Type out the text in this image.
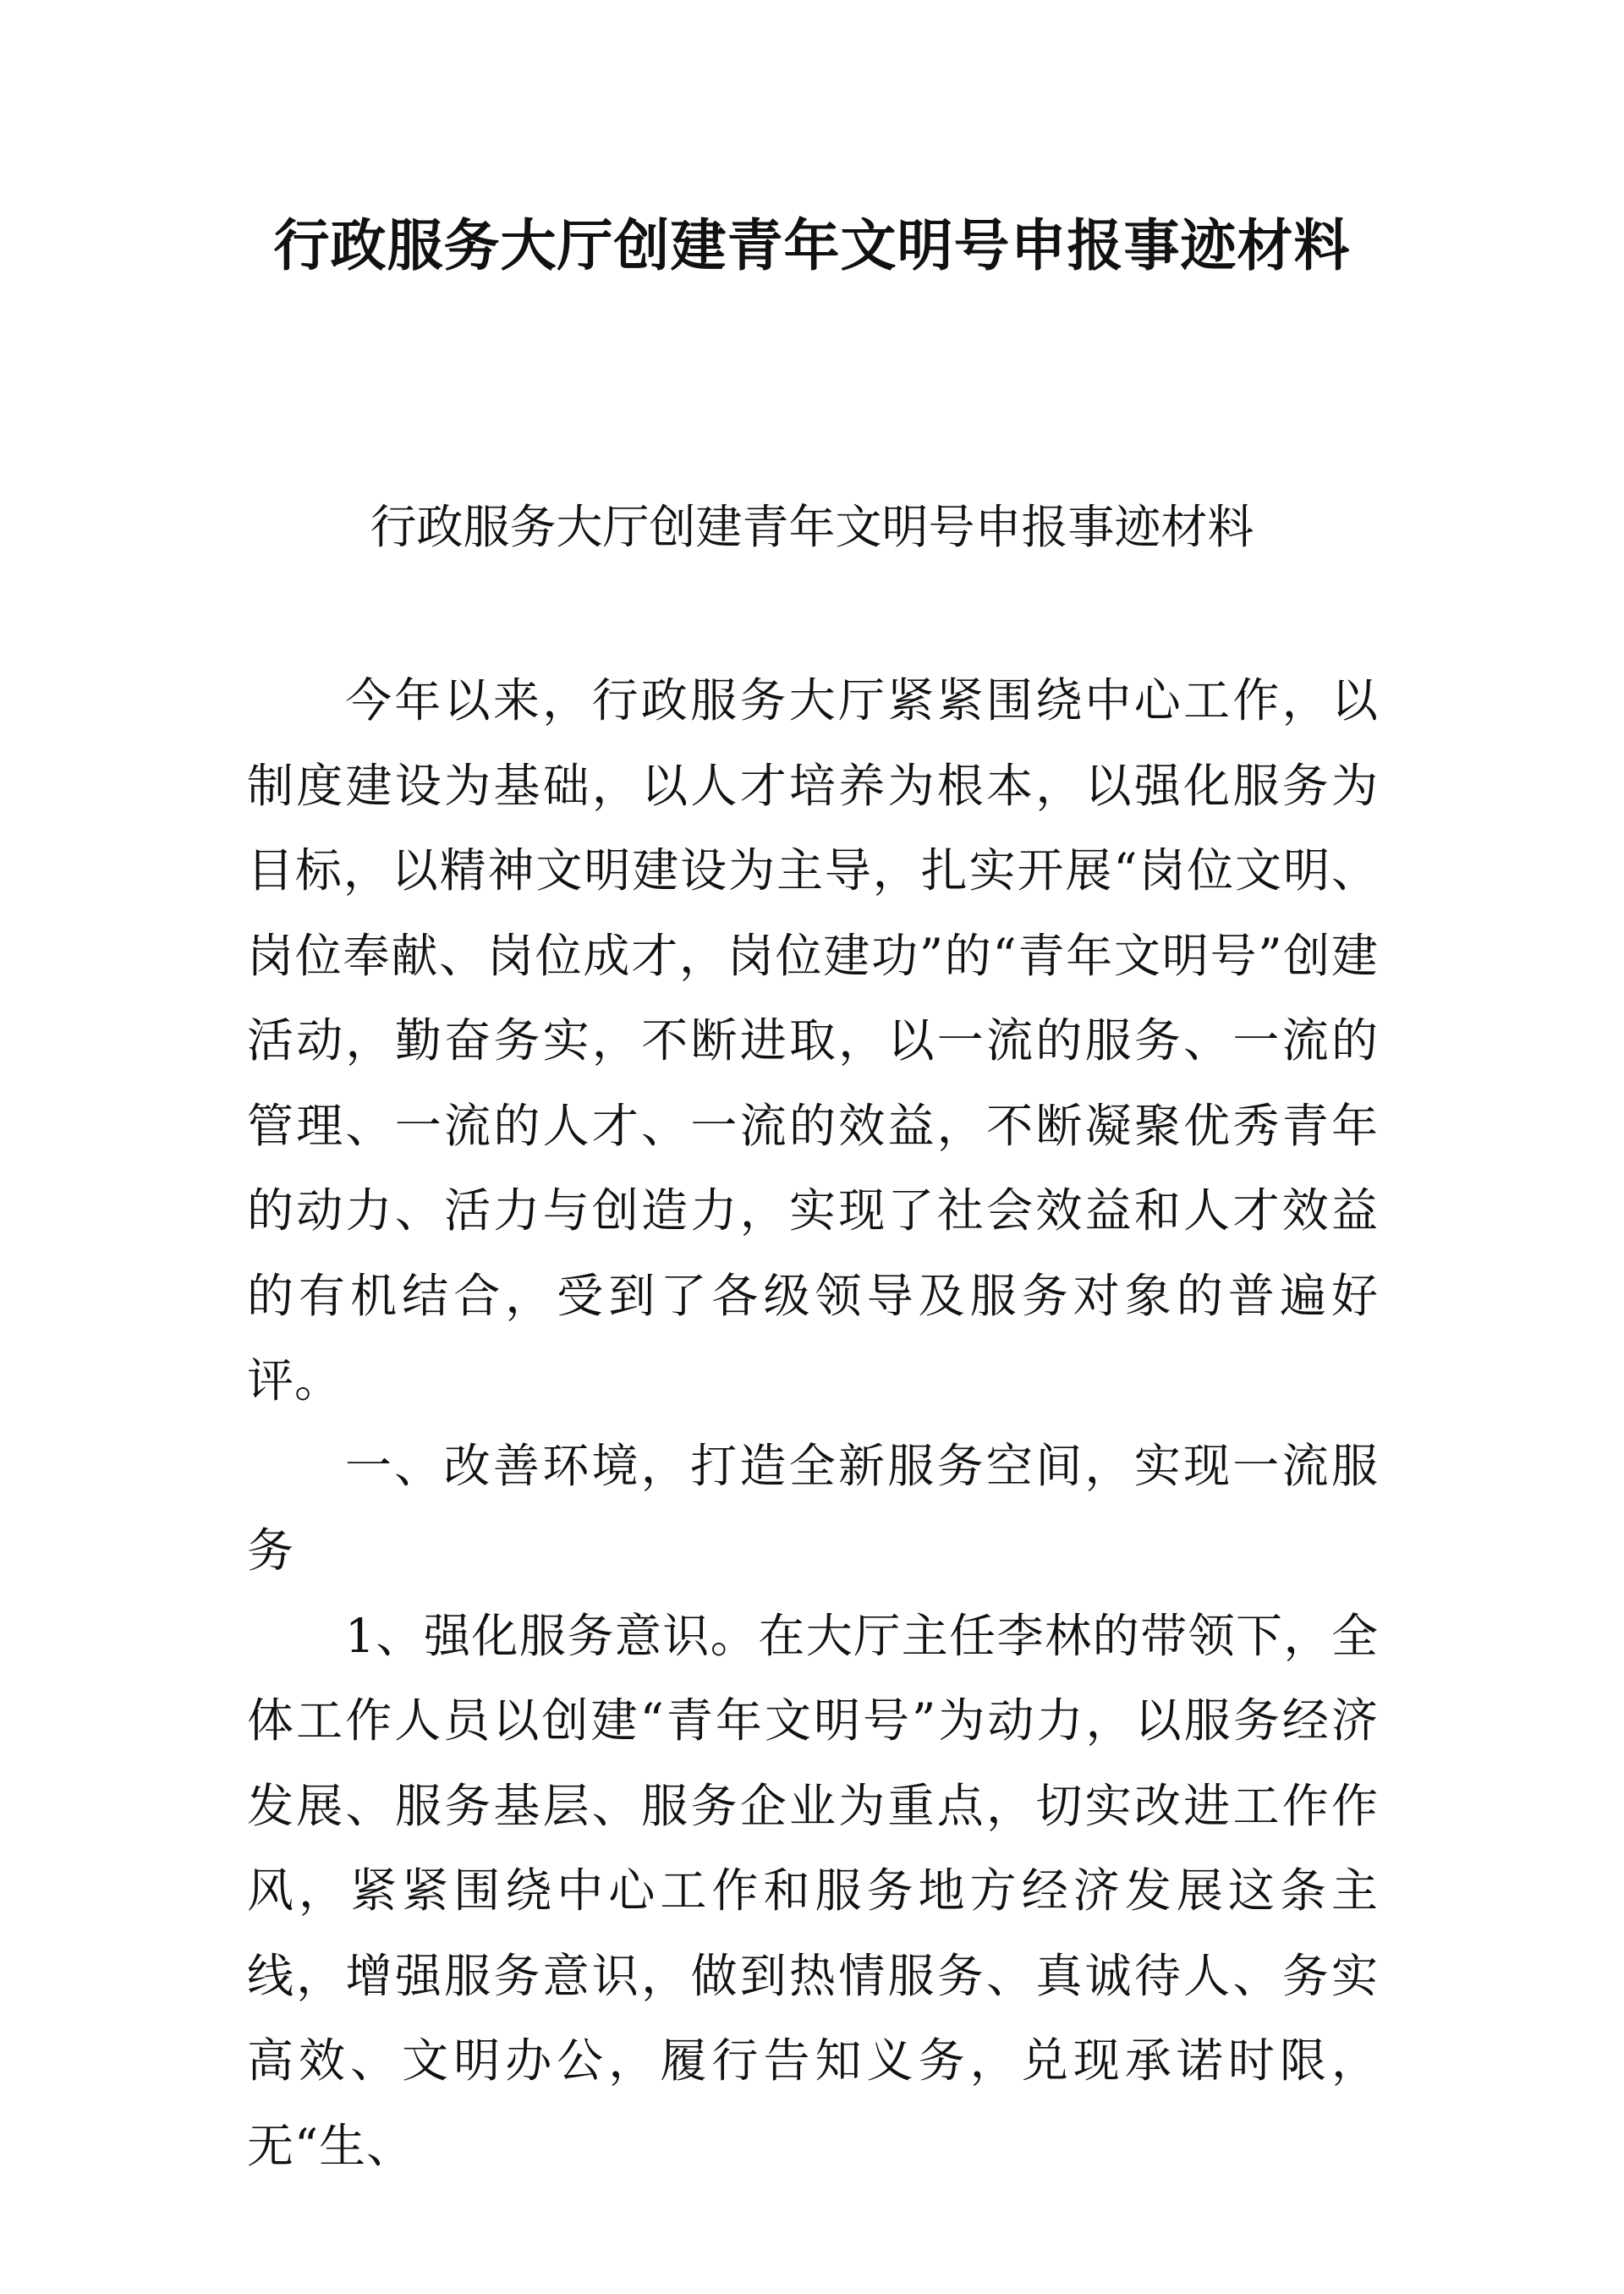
行政服务大厅创建青年文明号申报事迹材料
行政服务大厅创建青年文明号申报事迹材料

今年以来，行政服务大厅紧紧围绕中心工作，以制度建设为基础，以人才培养为根本，以强化服务为目标，以精神文明建设为主导，扎实开展“岗位文明、岗位奉献、岗位成才，岗位建功”的“青年文明号”创建活动，勤奋务实，不断进取，以一流的服务、一流的管理、一流的人才、一流的效益，不断凝聚优秀青年的动力、活力与创造力，实现了社会效益和人才效益的有机结合，受到了各级领导及服务对象的普遍好评。

一、改善环境，打造全新服务空间，实现一流服务

1、强化服务意识。在大厅主任李林的带领下，全体工作人员以创建“青年文明号”为动力，以服务经济发展、服务基层、服务企业为重点，切实改进工作作风，紧紧围绕中心工作和服务地方经济发展这条主线，增强服务意识，做到热情服务、真诚待人、务实高效、文明办公，履行告知义务，兑现承诺时限，无“生、
